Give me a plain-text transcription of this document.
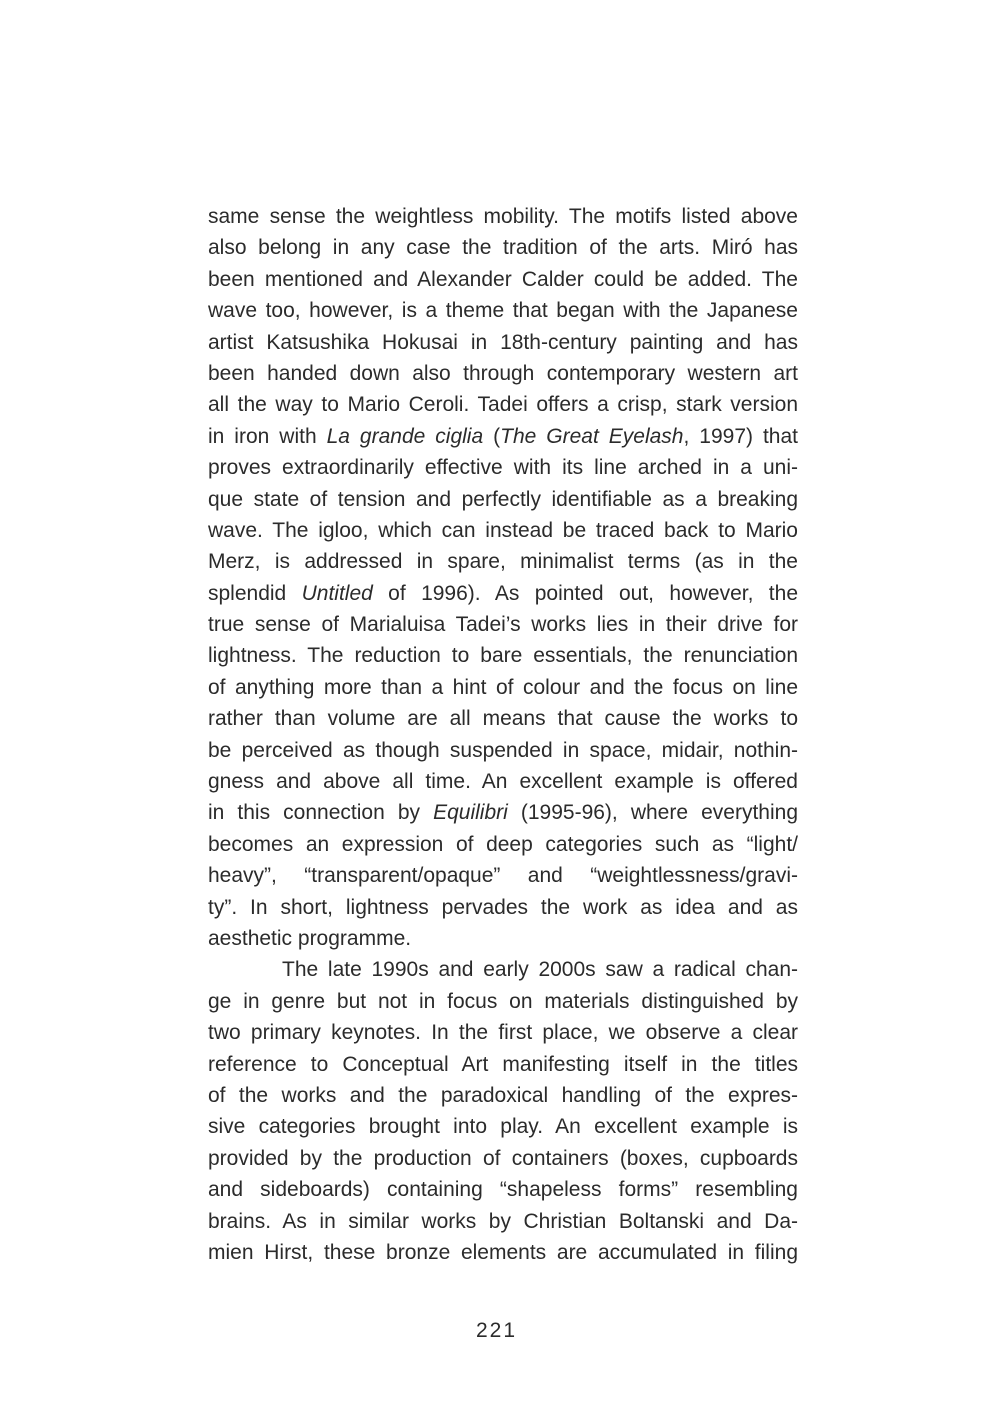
same sense the weightless mobility. The motifs listed above
also belong in any case the tradition of the arts. Miró has
been mentioned and Alexander Calder could be added. The
wave too, however, is a theme that began with the Japanese
artist Katsushika Hokusai in 18th-century painting and has
been handed down also through contemporary western art
all the way to Mario Ceroli. Tadei offers a crisp, stark version
in iron with La grande ciglia (The Great Eyelash, 1997) that
proves extraordinarily effective with its line arched in a uni-
que state of tension and perfectly identifiable as a breaking
wave. The igloo, which can instead be traced back to Mario
Merz, is addressed in spare, minimalist terms (as in the
splendid Untitled of 1996). As pointed out, however, the
true sense of Marialuisa Tadei’s works lies in their drive for
lightness. The reduction to bare essentials, the renunciation
of anything more than a hint of colour and the focus on line
rather than volume are all means that cause the works to
be perceived as though suspended in space, midair, nothin-
gness and above all time. An excellent example is offered
in this connection by Equilibri (1995-96), where everything
becomes an expression of deep categories such as “light/
heavy”, “transparent/opaque” and “weightlessness/gravi-
ty”. In short, lightness pervades the work as idea and as
aesthetic programme.
The late 1990s and early 2000s saw a radical chan-
ge in genre but not in focus on materials distinguished by
two primary keynotes. In the first place, we observe a clear
reference to Conceptual Art manifesting itself in the titles
of the works and the paradoxical handling of the expres-
sive categories brought into play. An excellent example is
provided by the production of containers (boxes, cupboards
and sideboards) containing “shapeless forms” resembling
brains. As in similar works by Christian Boltanski and Da-
mien Hirst, these bronze elements are accumulated in filing
221
